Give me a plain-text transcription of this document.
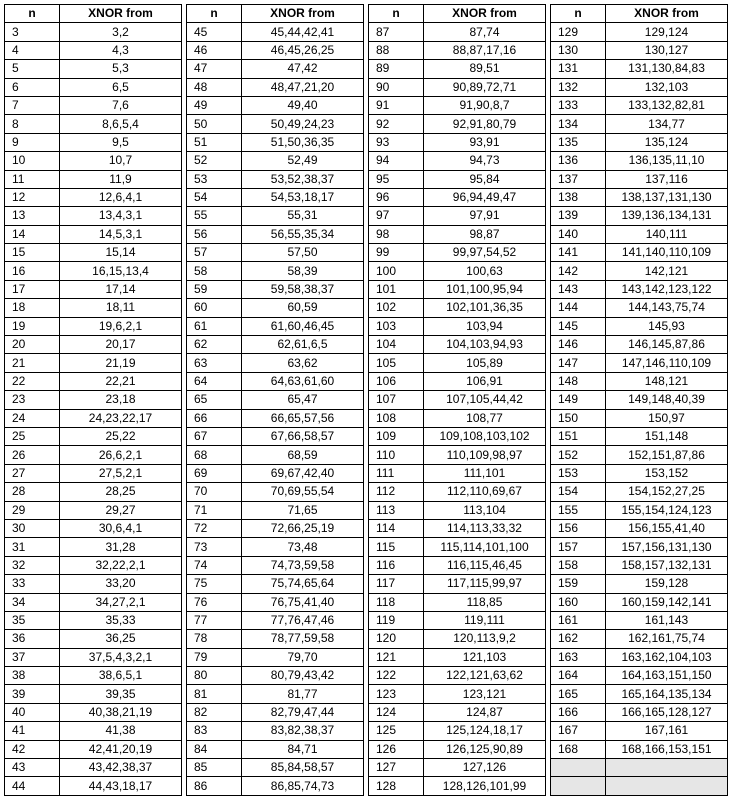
n	XNOR from
3	3,2
4	4,3
5	5,3
6	6,5
7	7,6
8	8,6,5,4
9	9,5
10	10,7
11	11,9
12	12,6,4,1
13	13,4,3,1
14	14,5,3,1
15	15,14
16	16,15,13,4
17	17,14
18	18,11
19	19,6,2,1
20	20,17
21	21,19
22	22,21
23	23,18
24	24,23,22,17
25	25,22
26	26,6,2,1
27	27,5,2,1
28	28,25
29	29,27
30	30,6,4,1
31	31,28
32	32,22,2,1
33	33,20
34	34,27,2,1
35	35,33
36	36,25
37	37,5,4,3,2,1
38	38,6,5,1
39	39,35
40	40,38,21,19
41	41,38
42	42,41,20,19
43	43,42,38,37
44	44,43,18,17
n	XNOR from
45	45,44,42,41
46	46,45,26,25
47	47,42
48	48,47,21,20
49	49,40
50	50,49,24,23
51	51,50,36,35
52	52,49
53	53,52,38,37
54	54,53,18,17
55	55,31
56	56,55,35,34
57	57,50
58	58,39
59	59,58,38,37
60	60,59
61	61,60,46,45
62	62,61,6,5
63	63,62
64	64,63,61,60
65	65,47
66	66,65,57,56
67	67,66,58,57
68	68,59
69	69,67,42,40
70	70,69,55,54
71	71,65
72	72,66,25,19
73	73,48
74	74,73,59,58
75	75,74,65,64
76	76,75,41,40
77	77,76,47,46
78	78,77,59,58
79	79,70
80	80,79,43,42
81	81,77
82	82,79,47,44
83	83,82,38,37
84	84,71
85	85,84,58,57
86	86,85,74,73
n	XNOR from
87	87,74
88	88,87,17,16
89	89,51
90	90,89,72,71
91	91,90,8,7
92	92,91,80,79
93	93,91
94	94,73
95	95,84
96	96,94,49,47
97	97,91
98	98,87
99	99,97,54,52
100	100,63
101	101,100,95,94
102	102,101,36,35
103	103,94
104	104,103,94,93
105	105,89
106	106,91
107	107,105,44,42
108	108,77
109	109,108,103,102
110	110,109,98,97
111	111,101
112	112,110,69,67
113	113,104
114	114,113,33,32
115	115,114,101,100
116	116,115,46,45
117	117,115,99,97
118	118,85
119	119,111
120	120,113,9,2
121	121,103
122	122,121,63,62
123	123,121
124	124,87
125	125,124,18,17
126	126,125,90,89
127	127,126
128	128,126,101,99
n	XNOR from
129	129,124
130	130,127
131	131,130,84,83
132	132,103
133	133,132,82,81
134	134,77
135	135,124
136	136,135,11,10
137	137,116
138	138,137,131,130
139	139,136,134,131
140	140,111
141	141,140,110,109
142	142,121
143	143,142,123,122
144	144,143,75,74
145	145,93
146	146,145,87,86
147	147,146,110,109
148	148,121
149	149,148,40,39
150	150,97
151	151,148
152	152,151,87,86
153	153,152
154	154,152,27,25
155	155,154,124,123
156	156,155,41,40
157	157,156,131,130
158	158,157,132,131
159	159,128
160	160,159,142,141
161	161,143
162	162,161,75,74
163	163,162,104,103
164	164,163,151,150
165	165,164,135,134
166	166,165,128,127
167	167,161
168	168,166,153,151
